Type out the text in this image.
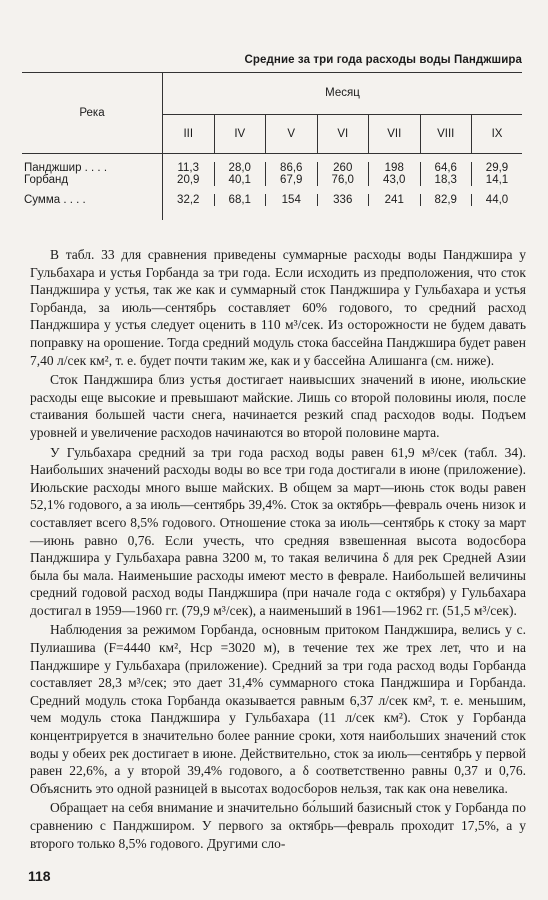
Средние за три года расходы воды Панджшира
Река	Месяц						
	III	IV	V	VI	VII	VIII	IX

Панджшир . . . .	11,3	28,0	86,6	260	198	64,6	29,9
Горбанд	20,9	40,1	67,9	76,0	43,0	18,3	14,1

Сумма . . . .	32,2	68,1	154	336	241	82,9	44,0

В табл. 33 для сравнения приведены суммарные расходы воды Панджшира у Гульбахара и устья Горбанда за три года. Если исходить из предположения, что сток Панджшира у устья, так же как и суммарный сток Панджшира у Гульбахара и устья Горбанда, за июль—сентябрь составляет 60% годового, то средний расход Панджшира у устья следует оценить в 110 м³/сек. Из осторожности не будем давать поправку на орошение. Тогда средний модуль стока бассейна Панджшира будет равен 7,40 л/сек км², т. е. будет почти таким же, как и у бассейна Алишанга (см. ниже).

Сток Панджшира близ устья достигает наивысших значений в июне, июльские расходы еще высокие и превышают майские. Лишь со второй половины июля, после стаивания большей части снега, начинается резкий спад расходов воды. Подъем уровней и увеличение расходов начинаются во второй половине марта.

У Гульбахара средний за три года расход воды равен 61,9 м³/сек (табл. 34). Наибольших значений расходы воды во все три года достигали в июне (приложение). Июльские расходы много выше майских. В общем за март—июнь сток воды равен 52,1% годового, а за июль—сентябрь 39,4%. Сток за октябрь—февраль очень низок и составляет всего 8,5% годового. Отношение стока за июль—сентябрь к стоку за март—июнь равно 0,76. Если учесть, что средняя взвешенная высота водосбора Панджшира у Гульбахара равна 3200 м, то такая величина δ для рек Средней Азии была бы мала. Наименьшие расходы имеют место в феврале. Наибольшей величины средний годовой расход воды Панджшира (при начале года с октября) у Гульбахара достигал в 1959—1960 гг. (79,9 м³/сек), а наименьший в 1961—1962 гг. (51,5 м³/сек).

Наблюдения за режимом Горбанда, основным притоком Панджшира, велись у с. Пулиашива (F=4440 км², Hср =3020 м), в течение тех же трех лет, что и на Панджшире у Гульбахара (приложение). Средний за три года расход воды Горбанда составляет 28,3 м³/сек; это дает 31,4% суммарного стока Панджшира и Горбанда. Средний модуль стока Горбанда оказывается равным 6,37 л/сек км², т. е. меньшим, чем модуль стока Панджшира у Гульбахара (11 л/сек км²). Сток у Горбанда концентрируется в значительно более ранние сроки, хотя наибольших значений сток воды у обеих рек достигает в июне. Действительно, сток за июль—сентябрь у первой равен 22,6%, а у второй 39,4% годового, а δ соответственно равны 0,37 и 0,76. Объяснить это одной разницей в высотах водосборов нельзя, так как она невелика.

Обращает на себя внимание и значительно бо́льший базисный сток у Горбанда по сравнению с Панджширом. У первого за октябрь—февраль проходит 17,5%, а у второго только 8,5% годового. Другими сло-

118
